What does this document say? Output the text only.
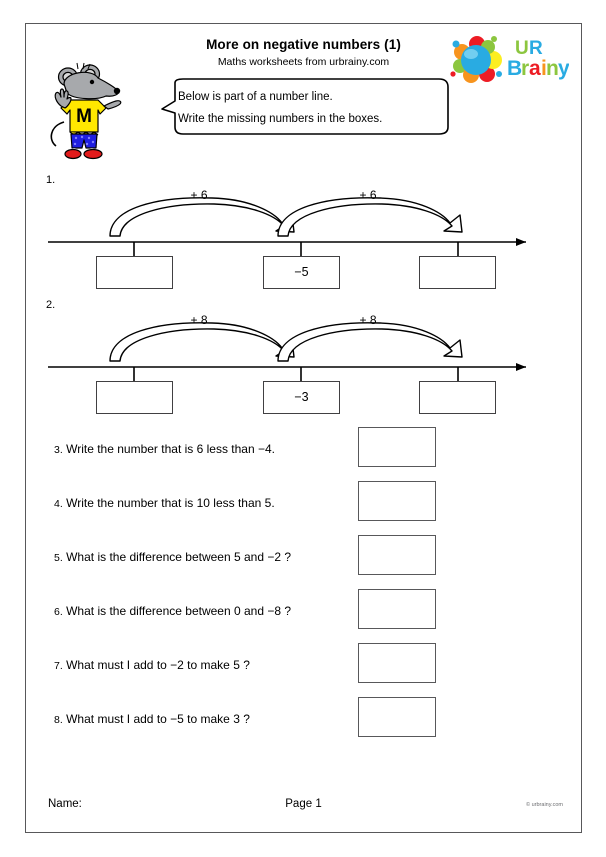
More on negative numbers (1)
Maths worksheets from urbrainy.com
U R
B
r a i n y
M
Below is part of a number line.
Write the missing numbers in the boxes.
1.
+ 6	+ 6
−5
2.
+ 8	+ 8
−3
3. Write the number that is 6 less than −4.
4. Write the number that is 10 less than 5.
5. What is the difference between 5 and −2 ?
6. What is the difference between 0 and −8 ?
7. What must I add to −2 to make 5 ?
8. What must I add to −5 to make 3 ?
Name:	Page 1	© urbrainy.com
